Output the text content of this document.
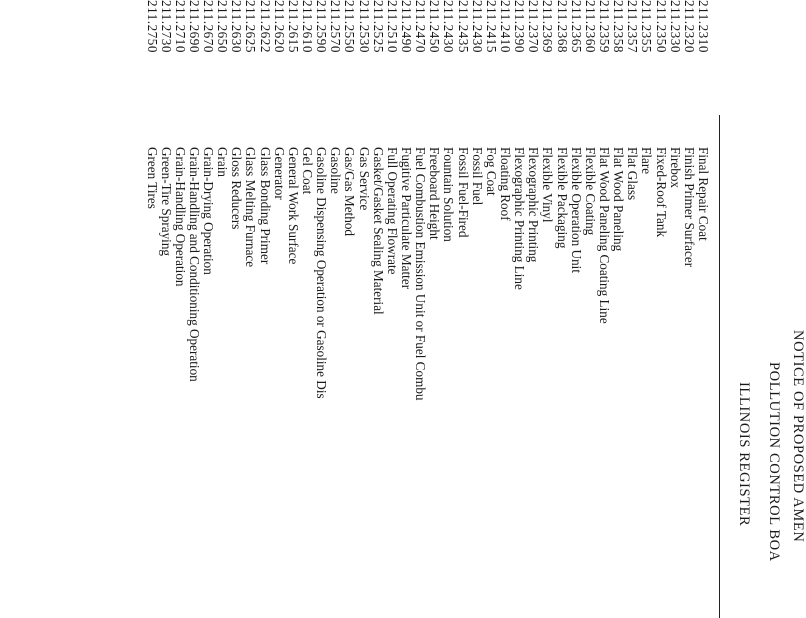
ILLINOIS REGISTER POLLUTION CONTROL BOA NOTICE OF PROPOSED AMEN
211.2310
Final Repair Coat
211.2320
Finish Primer Surfacer
211.2330
Firebox
211.2350
Fixed-Roof Tank
211.2355
Flare
211.2357
Flat Glass
211.2358
Flat Wood Paneling
211.2359
Flat Wood Paneling Coating Line
211.2360
Flexible Coating
211.2365
Flexible Operation Unit
211.2368
Flexible Packaging
211.2369
Flexible Vinyl
211.2370
Flexographic Printing
211.2390
Flexographic Printing Line
211.2410
Floating Roof
211.2415
Fog Coat
211.2430
Fossil Fuel
211.2435
Fossil Fuel-Fired
211.2430
Fountain Solution
211.2450
Freeboard Height
211.2470
Fuel Combustion Emission Unit or Fuel Combu
211.2490
Fugitive Particulate Matter
211.2510
Full Operating Flowrate
211.2525
Gasket/Gasket Sealing Material
211.2530
Gas Service
211.2550
Gas/Gas Method
211.2570
Gasoline
211.2590
Gasoline Dispensing Operation or Gasoline Dis
211.2610
Gel Coat
211.2615
General Work Surface
211.2620
Generator
211.2622
Glass Bonding Primer
211.2625
Glass Melting Furnace
211.2630
Gloss Reducers
211.2650
Grain
211.2670
Grain-Drying Operation
211.2690
Grain-Handling and Conditioning Operation
211.2710
Grain-Handling Operation
211.2730
Green-Tire Spraying
211.2750
Green Tires
